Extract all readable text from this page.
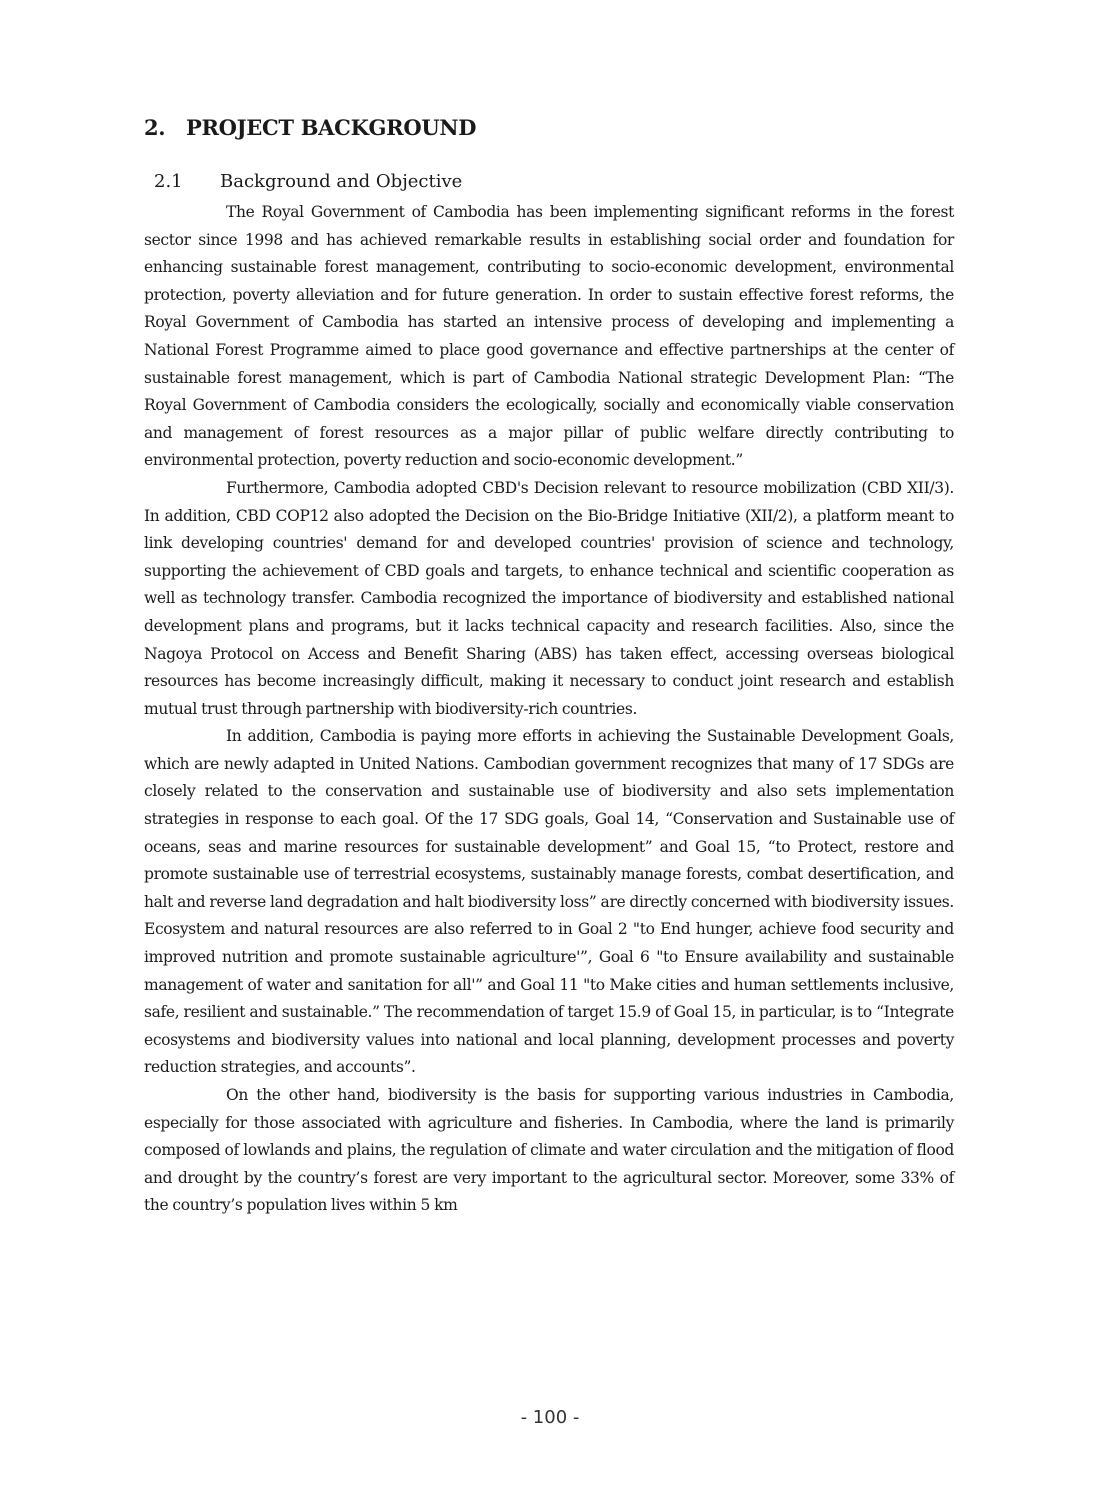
2. PROJECT BACKGROUND
2.1 Background and Objective

The Royal Government of Cambodia has been implementing significant reforms in the forest sector since 1998 and has achieved remarkable results in establishing social order and foundation for enhancing sustainable forest management, contributing to socio-economic development, environmental protection, poverty alleviation and for future generation. In order to sustain effective forest reforms, the Royal Government of Cambodia has started an intensive process of developing and implementing a National Forest Programme aimed to place good governance and effective partnerships at the center of sustainable forest management, which is part of Cambodia National strategic Development Plan: “The Royal Government of Cambodia considers the ecologically, socially and economically viable conservation and management of forest resources as a major pillar of public welfare directly contributing to environmental protection, poverty reduction and socio-economic development.”

Furthermore, Cambodia adopted CBD's Decision relevant to resource mobilization (CBD XII/3). In addition, CBD COP12 also adopted the Decision on the Bio-Bridge Initiative (XII/2), a platform meant to link developing countries' demand for and developed countries' provision of science and technology, supporting the achievement of CBD goals and targets, to enhance technical and scientific cooperation as well as technology transfer. Cambodia recognized the importance of biodiversity and established national development plans and programs, but it lacks technical capacity and research facilities. Also, since the Nagoya Protocol on Access and Benefit Sharing (ABS) has taken effect, accessing overseas biological resources has become increasingly difficult, making it necessary to conduct joint research and establish mutual trust through partnership with biodiversity-rich countries.

In addition, Cambodia is paying more efforts in achieving the Sustainable Development Goals, which are newly adapted in United Nations. Cambodian government recognizes that many of 17 SDGs are closely related to the conservation and sustainable use of biodiversity and also sets implementation strategies in response to each goal. Of the 17 SDG goals, Goal 14, “Conservation and Sustainable use of oceans, seas and marine resources for sustainable development” and Goal 15, “to Protect, restore and promote sustainable use of terrestrial ecosystems, sustainably manage forests, combat desertification, and halt and reverse land degradation and halt biodiversity loss” are directly concerned with biodiversity issues. Ecosystem and natural resources are also referred to in Goal 2 "to End hunger, achieve food security and improved nutrition and promote sustainable agriculture'”, Goal 6 "to Ensure availability and sustainable management of water and sanitation for all'” and Goal 11 "to Make cities and human settlements inclusive, safe, resilient and sustainable.” The recommendation of target 15.9 of Goal 15, in particular, is to “Integrate ecosystems and biodiversity values into national and local planning, development processes and poverty reduction strategies, and accounts”.

On the other hand, biodiversity is the basis for supporting various industries in Cambodia, especially for those associated with agriculture and fisheries. In Cambodia, where the land is primarily composed of lowlands and plains, the regulation of climate and water circulation and the mitigation of flood and drought by the country’s forest are very important to the agricultural sector. Moreover, some 33% of the country’s population lives within 5 km

- 100 -
